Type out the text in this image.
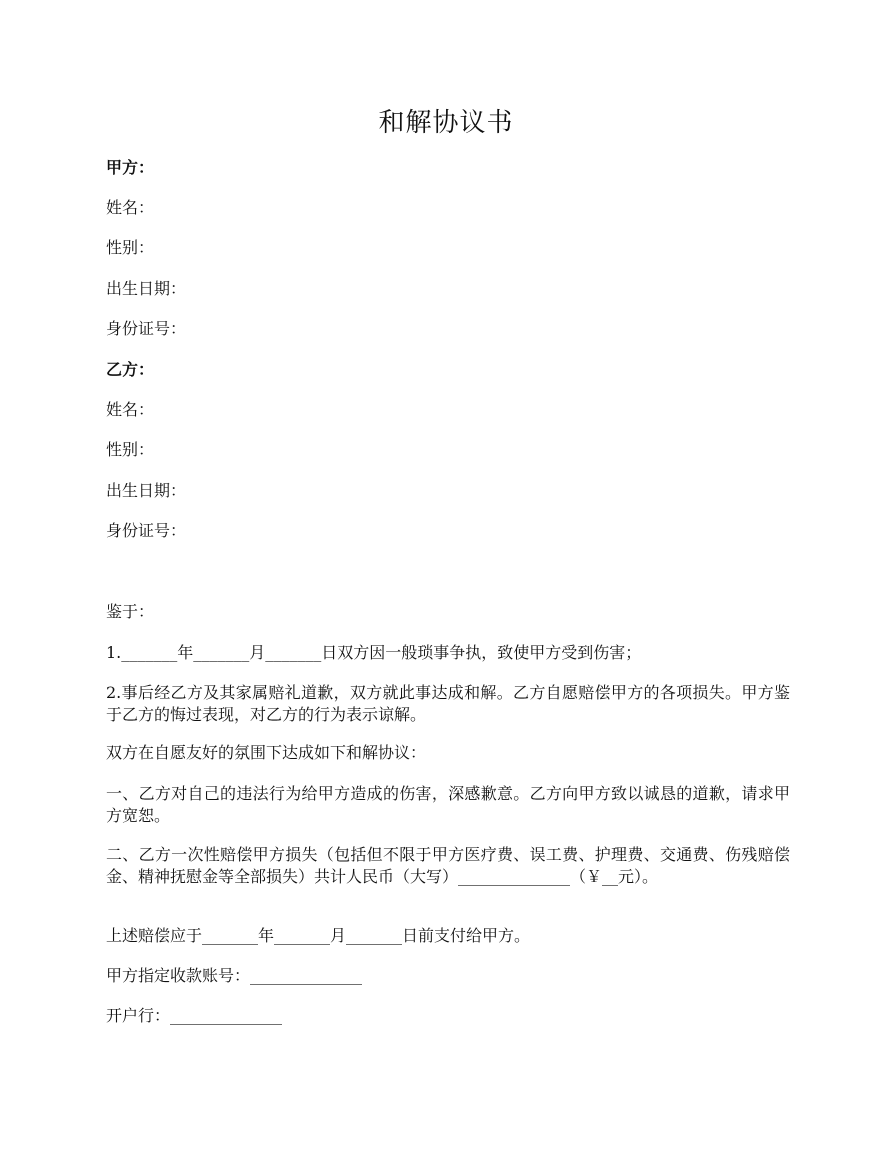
和解协议书
甲方：
姓名：
性别：
出生日期：
身份证号：
乙方：
姓名：
性别：
出生日期：
身份证号：
鉴于：
1._______年_______月_______日双方因一般琐事争执，致使甲方受到伤害；
2.事后经乙方及其家属赔礼道歉，双方就此事达成和解。乙方自愿赔偿甲方的各项损失。甲方鉴于乙方的悔过表现，对乙方的行为表示谅解。
双方在自愿友好的氛围下达成如下和解协议：
一、乙方对自己的违法行为给甲方造成的伤害，深感歉意。乙方向甲方致以诚恳的道歉，请求甲方宽恕。
二、乙方一次性赔偿甲方损失（包括但不限于甲方医疗费、误工费、护理费、交通费、伤残赔偿金、精神抚慰金等全部损失）共计人民币（大写）______________（￥__元）。
上述赔偿应于_______年_______月_______日前支付给甲方。
甲方指定收款账号：______________
开户行：______________
